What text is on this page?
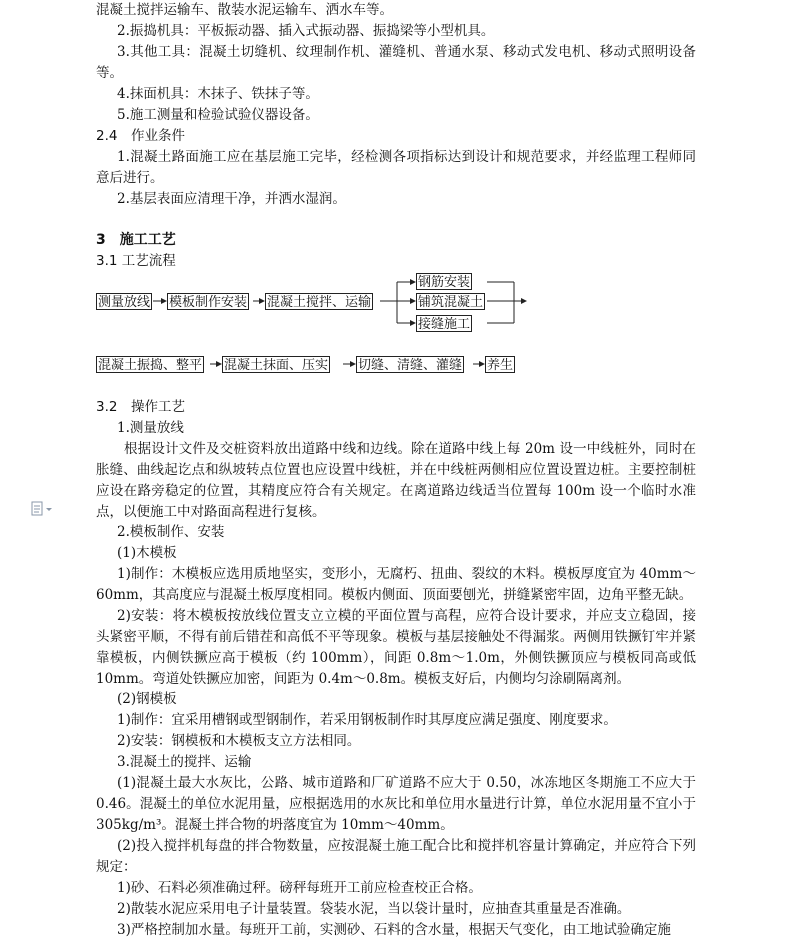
混凝土搅拌运输车、散装水泥运输车、洒水车等。

2.振捣机具：平板振动器、插入式振动器、振捣梁等小型机具。

3.其他工具：混凝土切缝机、纹理制作机、灌缝机、普通水泵、移动式发电机、移动式照明设备等。

4.抹面机具：木抹子、铁抹子等。

5.施工测量和检验试验仪器设备。

2.4　作业条件

1.混凝土路面施工应在基层施工完毕，经检测各项指标达到设计和规范要求，并经监理工程师同意后进行。

2.基层表面应清理干净，并洒水湿润。

3　施工工艺

3.1 工艺流程

测量放线 模板制作安装 混凝土搅拌、运输
钢筋安装
铺筑混凝土
接缝施工
混凝土振捣、整平 混凝土抹面、压实 切缝、清缝、灌缝 养生

3.2　操作工艺

1.测量放线

根据设计文件及交桩资料放出道路中线和边线。除在道路中线上每 20m 设一中线桩外，同时在胀缝、曲线起讫点和纵坡转点位置也应设置中线桩，并在中线桩两侧相应位置设置边桩。主要控制桩应设在路旁稳定的位置，其精度应符合有关规定。在离道路边线适当位置每 100m 设一个临时水准点，以便施工中对路面高程进行复核。

2.模板制作、安装

(1)木模板

1)制作：木模板应选用质地坚实，变形小，无腐朽、扭曲、裂纹的木料。模板厚度宜为 40mm～60mm，其高度应与混凝土板厚度相同。模板内侧面、顶面要刨光，拼缝紧密牢固，边角平整无缺。

2)安装：将木模板按放线位置支立立模的平面位置与高程，应符合设计要求，并应支立稳固，接头紧密平顺，不得有前后错茬和高低不平等现象。模板与基层接触处不得漏浆。两侧用铁撅钉牢并紧靠模板，内侧铁撅应高于模板（约 100mm），间距 0.8m～1.0m，外侧铁撅顶应与模板同高或低 10mm。弯道处铁撅应加密，间距为 0.4m～0.8m。模板支好后，内侧均匀涂刷隔离剂。

(2)钢模板

1)制作：宜采用槽钢或型钢制作，若采用钢板制作时其厚度应满足强度、刚度要求。

2)安装：钢模板和木模板支立方法相同。

3.混凝土的搅拌、运输

(1)混凝土最大水灰比，公路、城市道路和厂矿道路不应大于 0.50，冰冻地区冬期施工不应大于 0.46。混凝土的单位水泥用量，应根据选用的水灰比和单位用水量进行计算，单位水泥用量不宜小于 305kg/m³。混凝土拌合物的坍落度宜为 10mm～40mm。

(2)投入搅拌机每盘的拌合物数量，应按混凝土施工配合比和搅拌机容量计算确定，并应符合下列规定：

1)砂、石料必须准确过秤。磅秤每班开工前应检查校正合格。

2)散装水泥应采用电子计量装置。袋装水泥，当以袋计量时，应抽查其重量是否准确。

3)严格控制加水量。每班开工前，实测砂、石料的含水量，根据天气变化，由工地试验确定施
